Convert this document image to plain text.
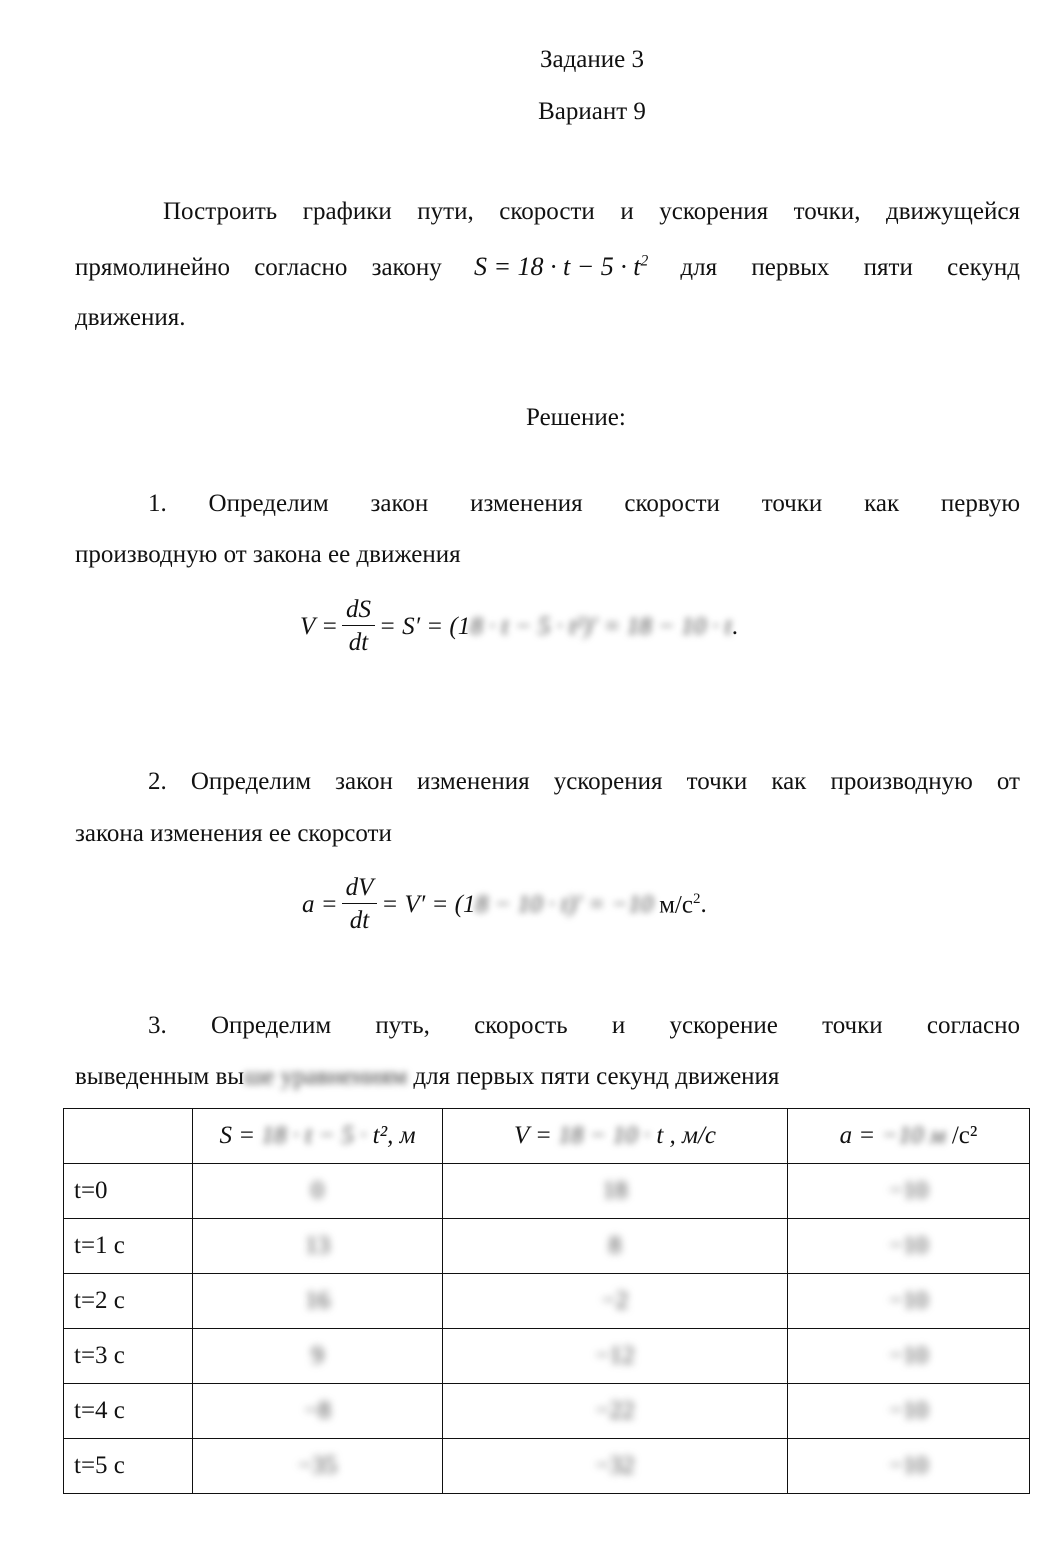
Задание 3
Вариант 9
Построить графики пути, скорости и ускорения точки, движущейся
прямолинейно согласно закону $S = 18 \cdot t - 5 \cdot t^2$ для первых пяти секунд
движения.
Решение:
1. Определим закон изменения скорости точки как первую
производную от закона ее движения
$V = \frac{dS}{dt} = S' = (1$ 8 · t − 5 · t²)′ = 18 − 10 · t .
2. Определим закон изменения ускорения точки как производную от
закона изменения ее скорсоти
$a = \frac{dV}{dt} = V' = (1$ 8 − 10 · t)′ = −10 $м/с^2$ .
3. Определим путь, скорость и ускорение точки согласно
выведенным выше уравнениям для первых пяти секунд движения
	S = 18 · t − 5 · t², м	V = 18 − 10 · t , м/с	a = −10 м /с²
t=0	0	18	−10
t=1 с	13	8	−10
t=2 с	16	−2	−10
t=3 с	9	−12	−10
t=4 с	−8	−22	−10
t=5 с	−35	−32	−10
